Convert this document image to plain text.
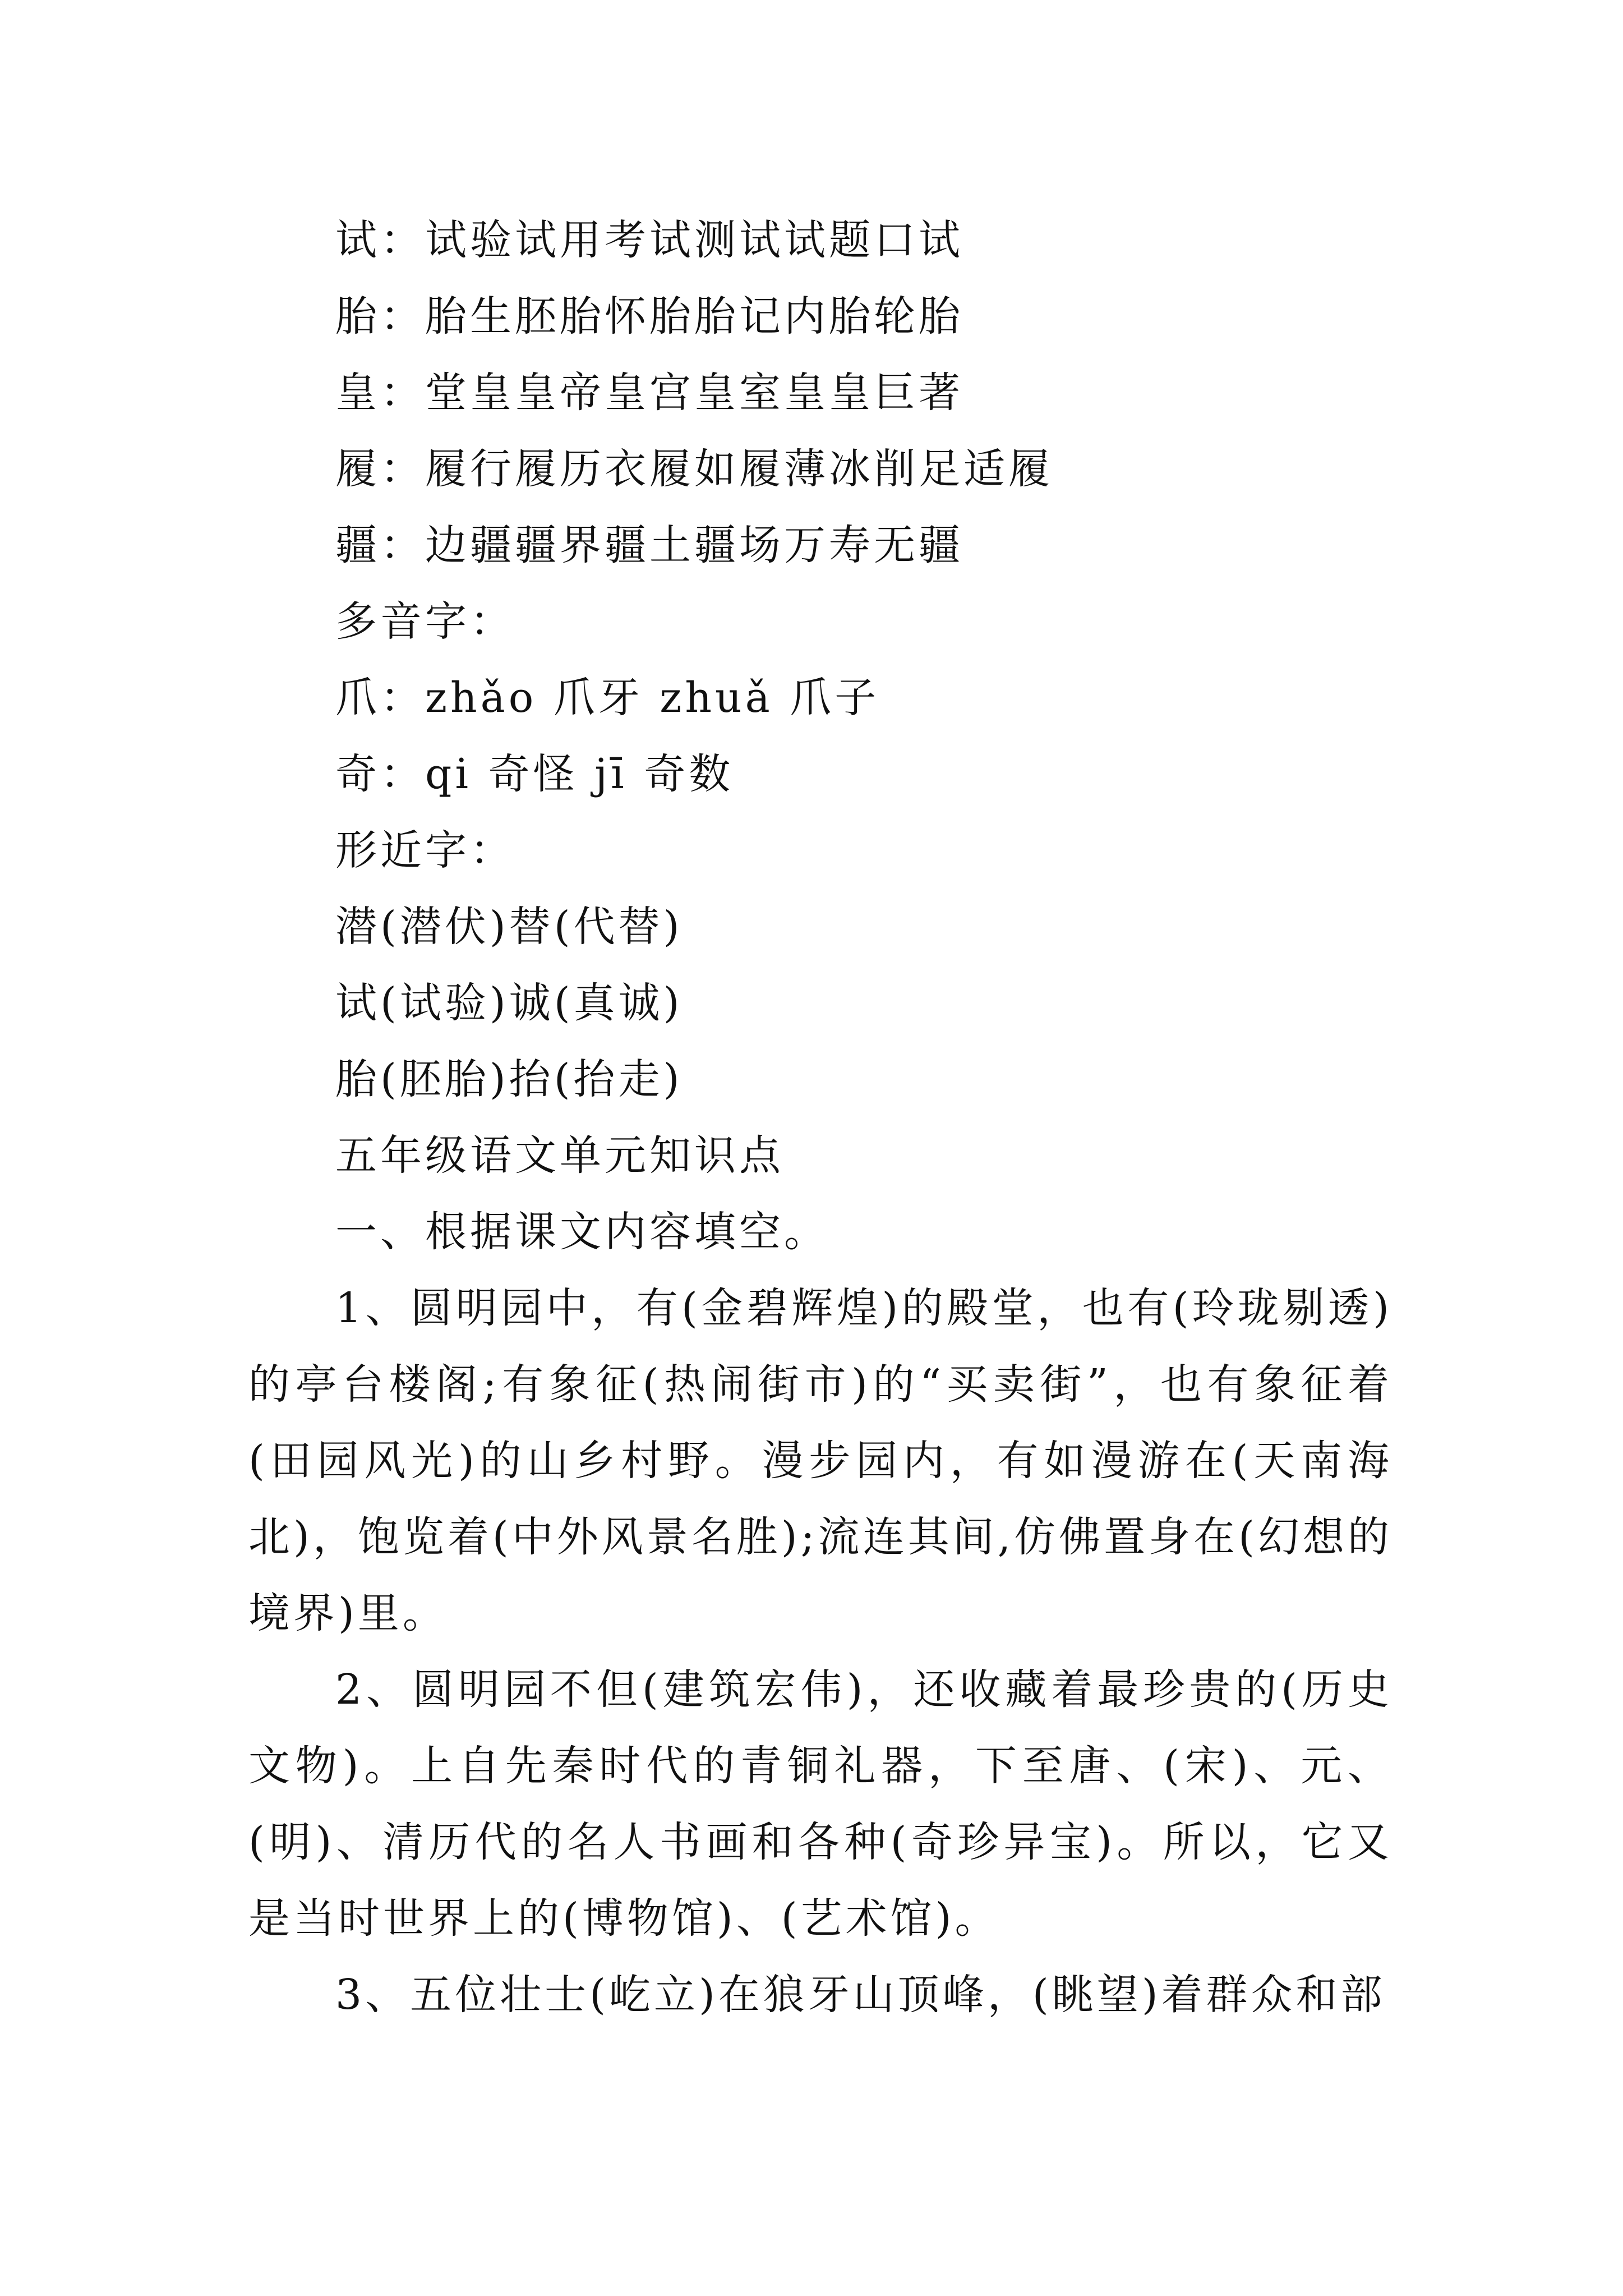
试：试验试用考试测试试题口试
胎：胎生胚胎怀胎胎记内胎轮胎
皇：堂皇皇帝皇宫皇室皇皇巨著
履：履行履历衣履如履薄冰削足适履
疆：边疆疆界疆土疆场万寿无疆
多音字：
爪：zhǎo 爪牙 zhuǎ 爪子
奇：qi 奇怪 jī 奇数
形近字：
潜(潜伏)替(代替)
试(试验)诚(真诚)
胎(胚胎)抬(抬走)
五年级语文单元知识点
一、根据课文内容填空。
1、圆明园中，有(金碧辉煌)的殿堂，也有(玲珑剔透)的亭台楼阁;有象征(热闹街市)的“买卖街”，也有象征着(田园风光)的山乡村野。漫步园内，有如漫游在(天南海北)，饱览着(中外风景名胜);流连其间,仿佛置身在(幻想的境界)里。
2、圆明园不但(建筑宏伟)，还收藏着最珍贵的(历史文物)。上自先秦时代的青铜礼器，下至唐、(宋)、元、(明)、清历代的名人书画和各种(奇珍异宝)。所以，它又是当时世界上的(博物馆)、(艺术馆)。
3、五位壮士(屹立)在狼牙山顶峰，(眺望)着群众和部
